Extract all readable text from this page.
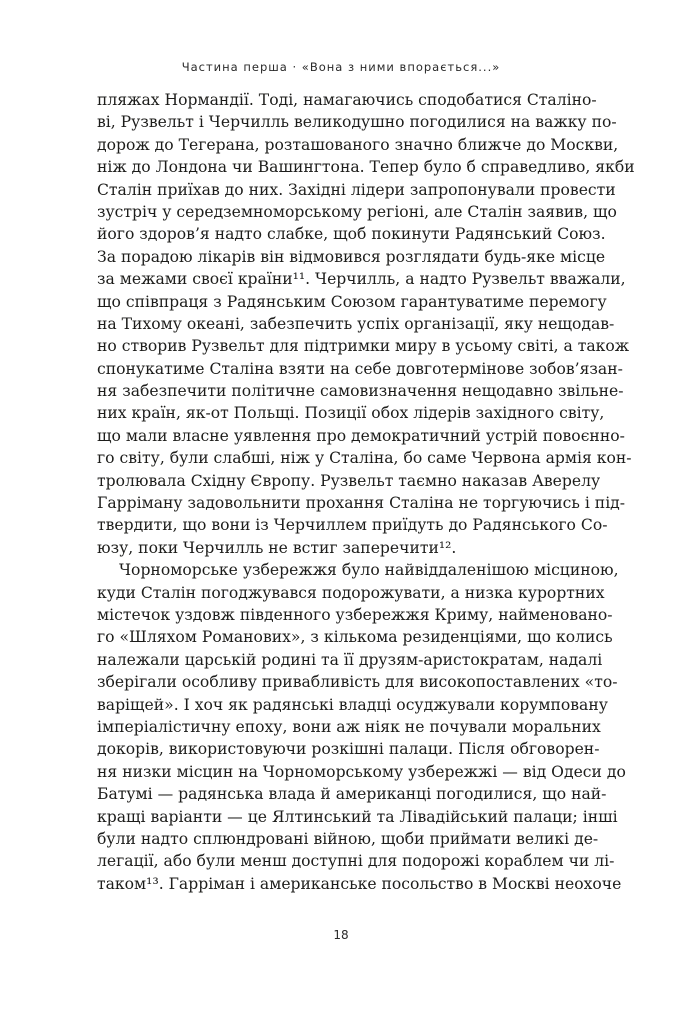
Частина перша · «Вона з ними впорається...»
пляжах Нормандії. Тоді, намагаючись сподобатися Сталіно-
ві, Рузвельт і Черчилль великодушно погодилися на важку по-
дорож до Тегерана, розташованого значно ближче до Москви,
ніж до Лондона чи Вашингтона. Тепер було б справедливо, якби
Сталін приїхав до них. Західні лідери запропонували провести
зустріч у середземноморському регіоні, але Сталін заявив, що
його здоров’я надто слабке, щоб покинути Радянський Союз.
За порадою лікарів він відмовився розглядати будь-яке місце
за межами своєї країни¹¹. Черчилль, а надто Рузвельт вважали,
що співпраця з Радянським Союзом гарантуватиме перемогу
на Тихому океані, забезпечить успіх організації, яку нещодав-
но створив Рузвельт для підтримки миру в усьому світі, а також
спонукатиме Сталіна взяти на себе довготермінове зобов’язан-
ня забезпечити політичне самовизначення нещодавно звільне-
них країн, як-от Польщі. Позиції обох лідерів західного світу,
що мали власне уявлення про демократичний устрій повоєнно-
го світу, були слабші, ніж у Сталіна, бо саме Червона армія кон-
тролювала Східну Європу. Рузвельт таємно наказав Аверелу
Гарріману задовольнити прохання Сталіна не торгуючись і під-
твердити, що вони із Черчиллем приїдуть до Радянського Со-
юзу, поки Черчилль не встиг заперечити¹².
Чорноморське узбережжя було найвіддаленішою місциною,
куди Сталін погоджувався подорожувати, а низка курортних
містечок уздовж південного узбережжя Криму, найменовано-
го «Шляхом Романових», з кількома резиденціями, що колись
належали царській родині та її друзям-аристократам, надалі
зберігали особливу привабливість для високопоставлених «то-
варіщей». І хоч як радянські владці осуджували корумповану
імперіалістичну епоху, вони аж ніяк не почували моральних
докорів, використовуючи розкішні палаци. Після обговорен-
ня низки місцин на Чорноморському узбережжі — від Одеси до
Батумі — радянська влада й американці погодилися, що най-
кращі варіанти — це Ялтинський та Лівадійський палаци; інші
були надто сплюндровані війною, щоби приймати великі де-
легації, або були менш доступні для подорожі кораблем чи лі-
таком¹³. Гарріман і американське посольство в Москві неохоче
18
